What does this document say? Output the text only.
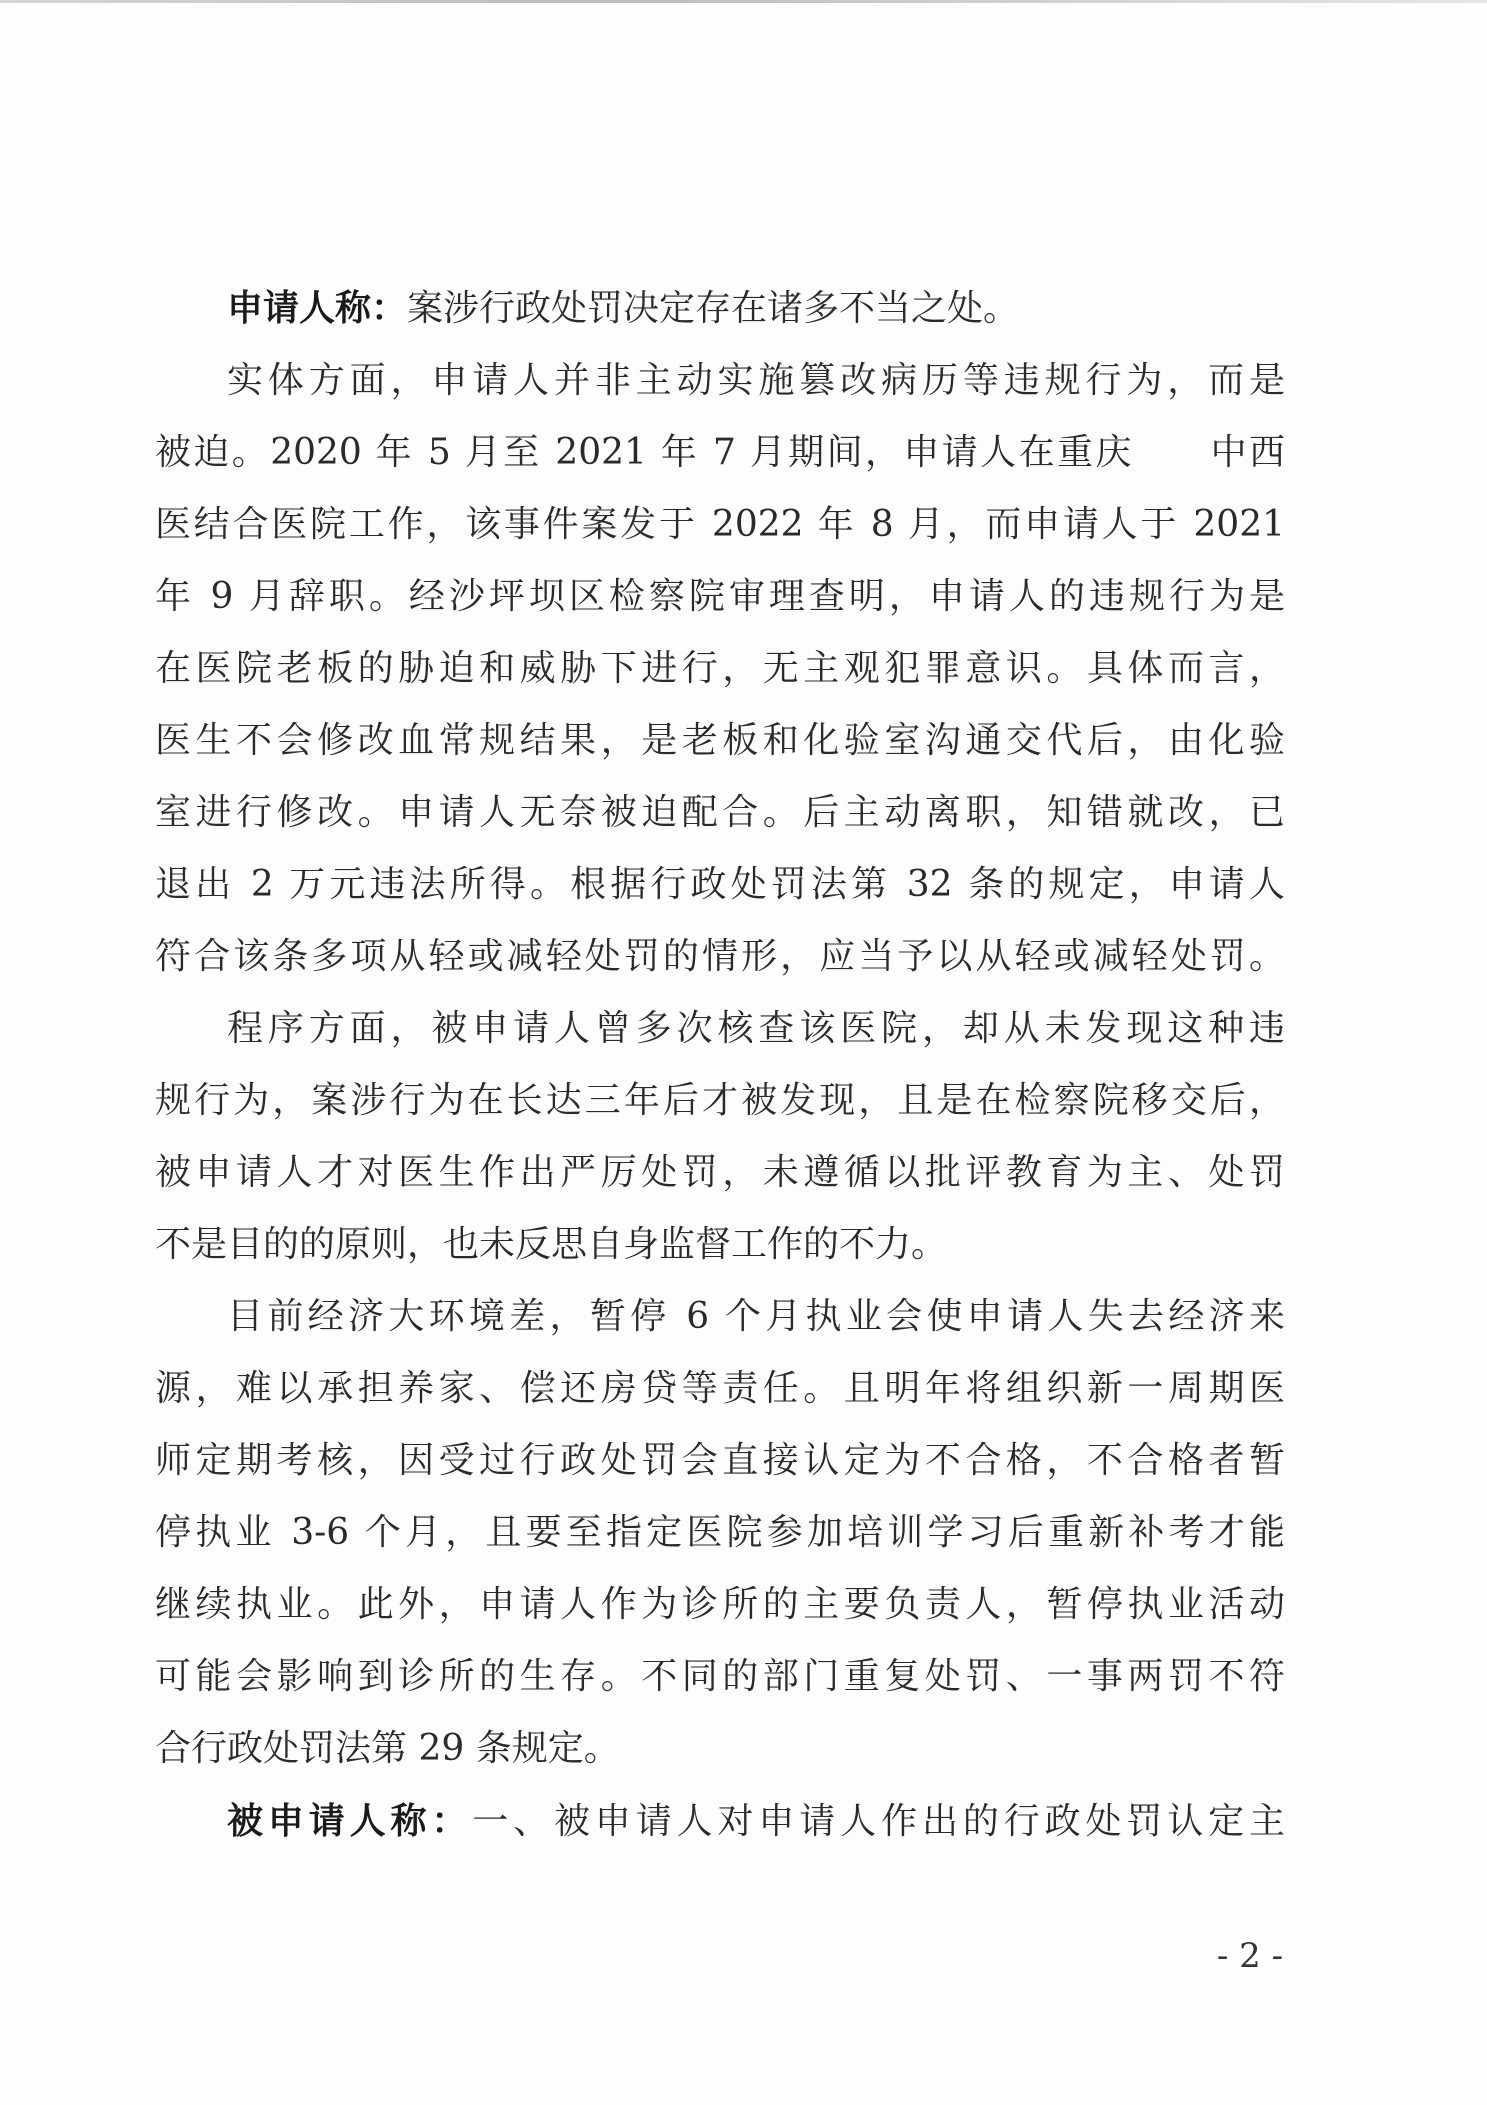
申请人称：案涉行政处罚决定存在诸多不当之处。

实体方面，申请人并非主动实施篡改病历等违规行为，而是

被迫。2020 年 5 月至 2021 年 7 月期间，申请人在重庆　　中西

医结合医院工作，该事件案发于 2022 年 8 月，而申请人于 2021

年 9 月辞职。经沙坪坝区检察院审理查明，申请人的违规行为是

在医院老板的胁迫和威胁下进行，无主观犯罪意识。具体而言，

医生不会修改血常规结果，是老板和化验室沟通交代后，由化验

室进行修改。申请人无奈被迫配合。后主动离职，知错就改，已

退出 2 万元违法所得。根据行政处罚法第 32 条的规定，申请人

符合该条多项从轻或减轻处罚的情形，应当予以从轻或减轻处罚。

程序方面，被申请人曾多次核查该医院，却从未发现这种违

规行为，案涉行为在长达三年后才被发现，且是在检察院移交后，

被申请人才对医生作出严厉处罚，未遵循以批评教育为主、处罚

不是目的的原则，也未反思自身监督工作的不力。

目前经济大环境差，暂停 6 个月执业会使申请人失去经济来

源，难以承担养家、偿还房贷等责任。且明年将组织新一周期医

师定期考核，因受过行政处罚会直接认定为不合格，不合格者暂

停执业 3-6 个月，且要至指定医院参加培训学习后重新补考才能

继续执业。此外，申请人作为诊所的主要负责人，暂停执业活动

可能会影响到诊所的生存。不同的部门重复处罚、一事两罚不符

合行政处罚法第 29 条规定。

被申请人称：一、被申请人对申请人作出的行政处罚认定主

- 2 -
